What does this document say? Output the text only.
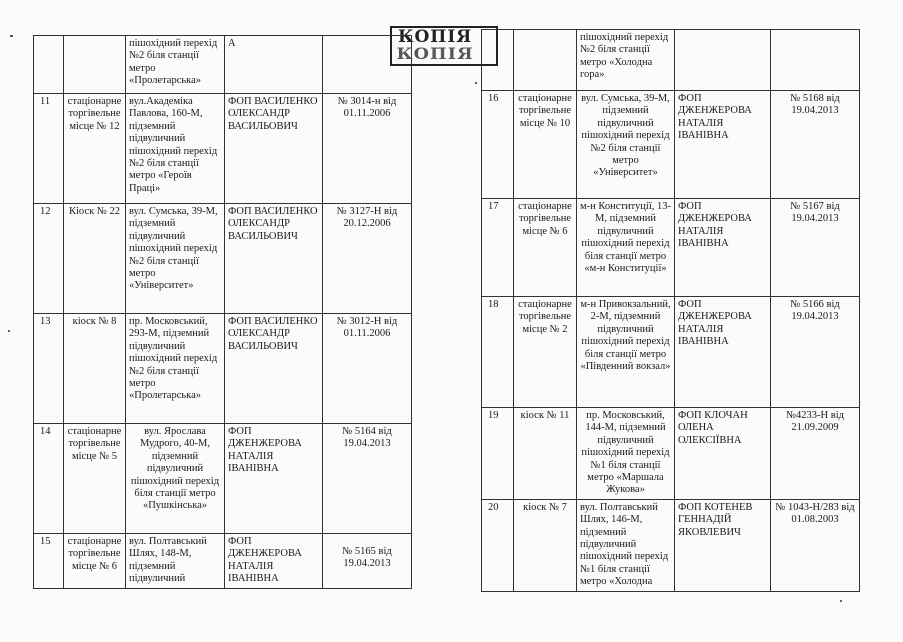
КОПІЯ
КОПІЯ
		пішохідний перехід №2 біля станції метро «Пролетарська»	А	
11	стаціонарне торгівельне місце № 12	вул.Академіка Павлова, 160-М, підземний підвуличний пішохідний перехід №2 біля станції метро «Героїв Праці»	ФОП ВАСИЛЕНКО ОЛЕКСАНДР ВАСИЛЬОВИЧ	№ 3014-н від 01.11.2006
12	Кіоск № 22	вул. Сумська, 39-М, підземний підвуличний пішохідний перехід №2 біля станції метро «Університет»	ФОП ВАСИЛЕНКО ОЛЕКСАНДР ВАСИЛЬОВИЧ	№ 3127-Н від 20.12.2006
13	кіоск № 8	пр. Московський, 293-М, підземний підвуличний пішохідний перехід №2 біля станції метро «Пролетарська»	ФОП ВАСИЛЕНКО ОЛЕКСАНДР ВАСИЛЬОВИЧ	№ 3012-Н від 01.11.2006
14	стаціонарне торгівельне місце № 5	вул. Ярослава Мудрого, 40-М, підземний підвуличний пішохідний перехід біля станції метро «Пушкінська»	ФОП ДЖЕНЖЕРОВА НАТАЛІЯ ІВАНІВНА	№ 5164 від 19.04.2013
15	стаціонарне торгівельне місце № 6	вул. Полтавський Шлях, 148-М, підземний підвуличний	ФОП ДЖЕНЖЕРОВА НАТАЛІЯ ІВАНІВНА	№ 5165 від 19.04.2013
		пішохідний перехід №2 біля станції метро «Холодна гора»		
16	стаціонарне торгівельне місце № 10	вул. Сумська, 39-М, підземний підвуличний пішохідний перехід №2 біля станції метро «Університет»	ФОП ДЖЕНЖЕРОВА НАТАЛІЯ ІВАНІВНА	№ 5168 від 19.04.2013
17	стаціонарне торгівельне місце № 6	м-н Конституції, 13-М, підземний підвуличний пішохідний перехід біля станції метро «м-н Конституції»	ФОП ДЖЕНЖЕРОВА НАТАЛІЯ ІВАНІВНА	№ 5167 від 19.04.2013
18	стаціонарне торгівельне місце № 2	м-н Привокзальний, 2-М, підземний підвуличний пішохідний перехід біля станції метро «Південний вокзал»	ФОП ДЖЕНЖЕРОВА НАТАЛІЯ ІВАНІВНА	№ 5166 від 19.04.2013
19	кіоск № 11	пр. Московський, 144-М, підземний підвуличний пішохідний перехід №1 біля станції метро «Маршала Жукова»	ФОП КЛОЧАН ОЛЕНА ОЛЕКСІЇВНА	№4233-Н від 21.09.2009
20	кіоск № 7	вул. Полтавський Шлях, 146-М, підземний підвуличний пішохідний перехід №1 біля станції метро «Холодна	ФОП КОТЕНЕВ ГЕННАДІЙ ЯКОВЛЕВИЧ	№ 1043-Н/283 від 01.08.2003
